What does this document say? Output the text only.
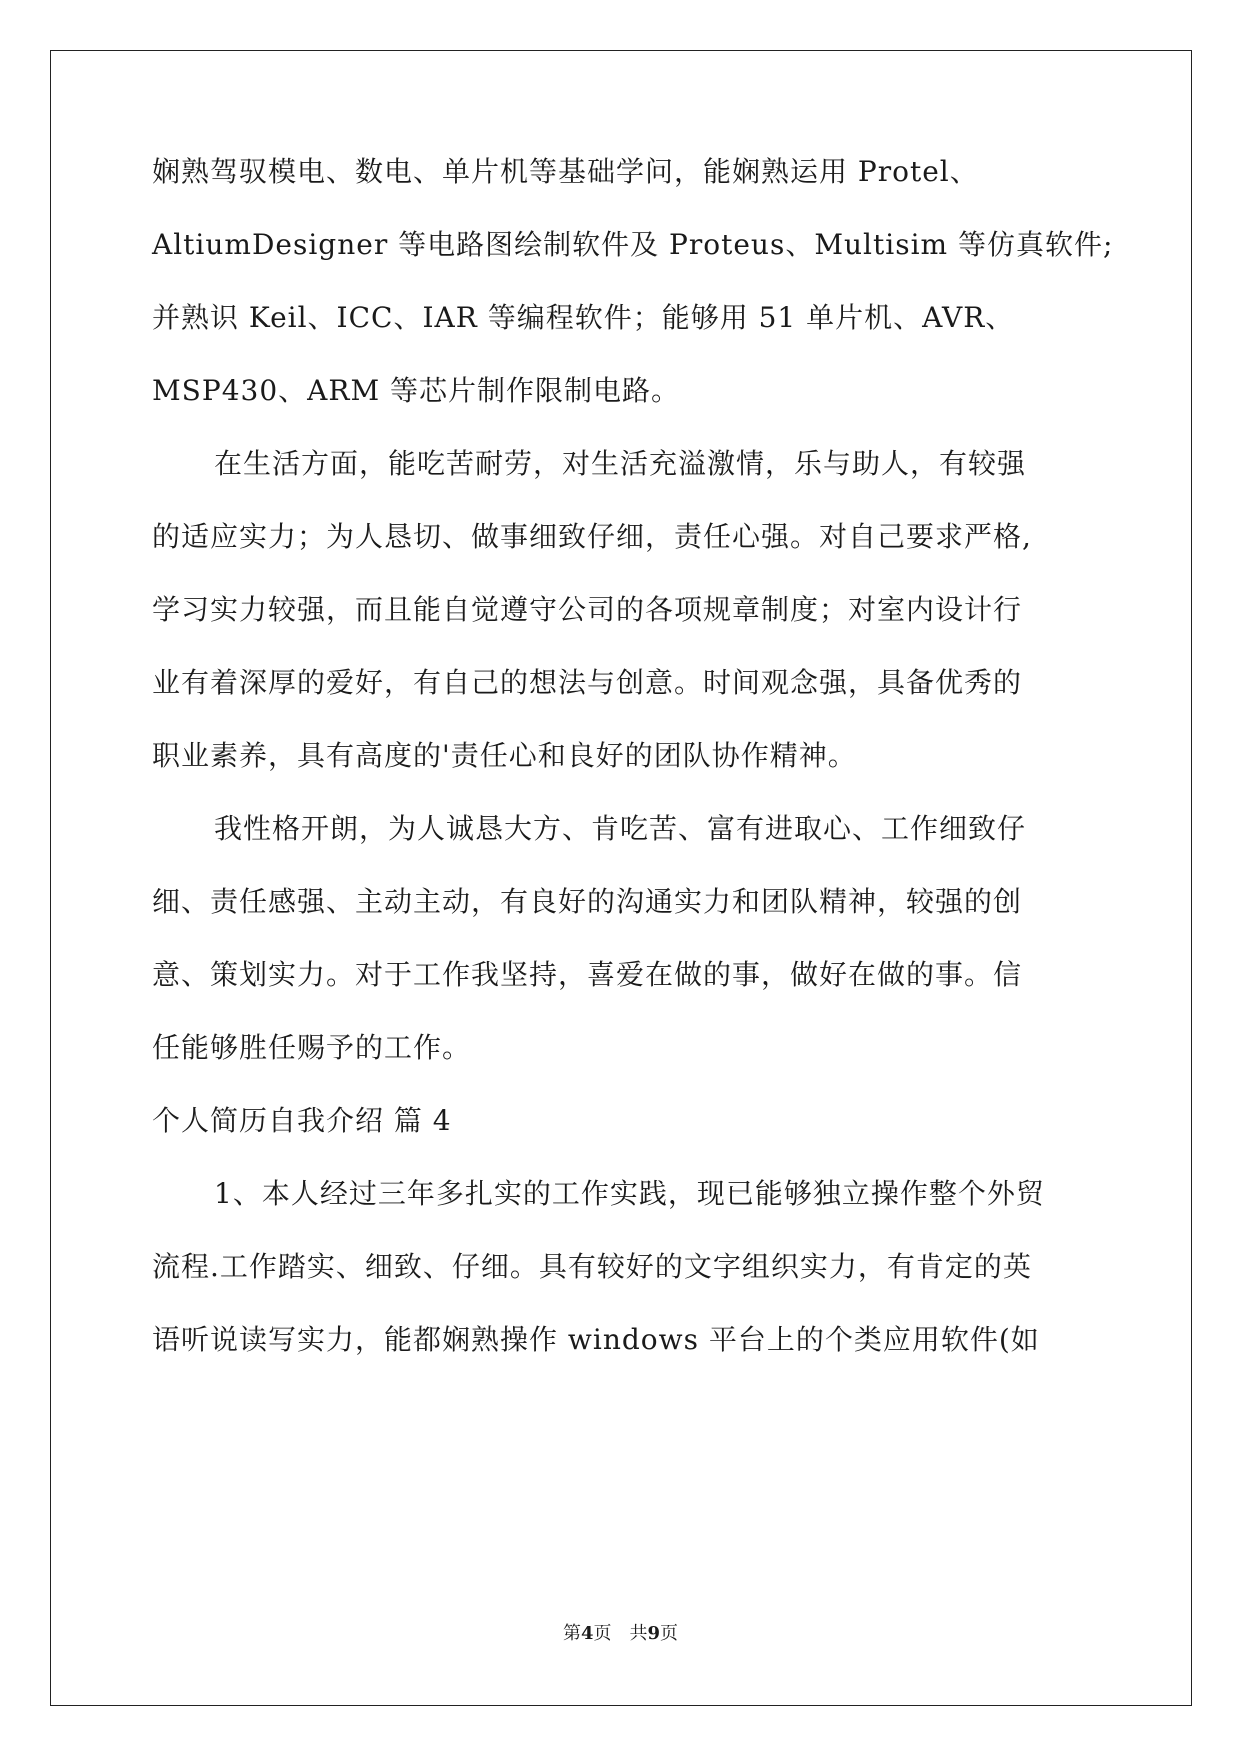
娴熟驾驭模电、数电、单片机等基础学问，能娴熟运用 Protel、
AltiumDesigner 等电路图绘制软件及 Proteus、Multisim 等仿真软件;
并熟识 Keil、ICC、IAR 等编程软件；能够用 51 单片机、AVR、
MSP430、ARM 等芯片制作限制电路。
在生活方面，能吃苦耐劳，对生活充溢激情，乐与助人，有较强
的适应实力；为人恳切、做事细致仔细，责任心强。对自己要求严格,
学习实力较强，而且能自觉遵守公司的各项规章制度；对室内设计行
业有着深厚的爱好，有自己的想法与创意。时间观念强，具备优秀的
职业素养，具有高度的'责任心和良好的团队协作精神。
我性格开朗，为人诚恳大方、肯吃苦、富有进取心、工作细致仔
细、责任感强、主动主动，有良好的沟通实力和团队精神，较强的创
意、策划实力。对于工作我坚持，喜爱在做的事，做好在做的事。信
任能够胜任赐予的工作。
个人简历自我介绍 篇 4
1、本人经过三年多扎实的工作实践，现已能够独立操作整个外贸
流程.工作踏实、细致、仔细。具有较好的文字组织实力，有肯定的英
语听说读写实力，能都娴熟操作 windows 平台上的个类应用软件(如
第4页　共9页
